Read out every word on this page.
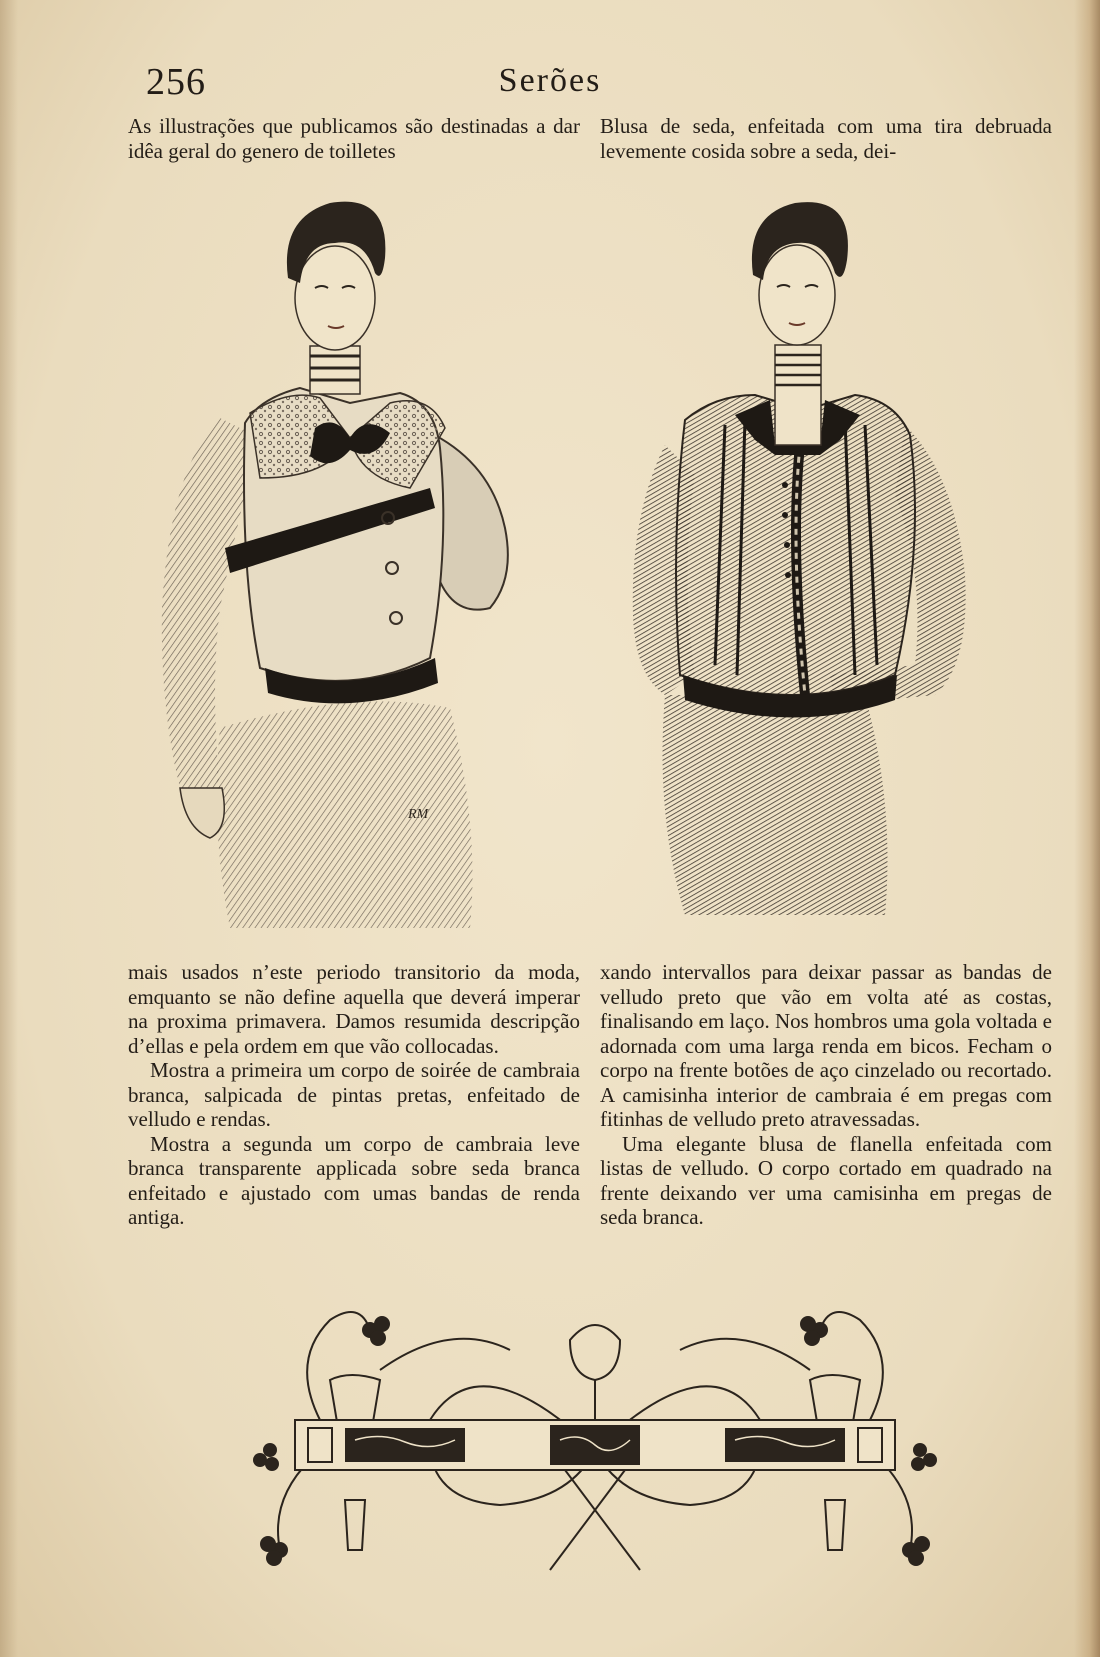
256	Serões

As illustrações que publicamos são destinadas a dar idêa geral do genero de toilletes

Blusa de seda, enfeitada com uma tira debruada levemente cosida sobre a seda, dei-

RM

mais usados n’este periodo transitorio da moda, emquanto se não define aquella que deverá imperar na proxima primavera. Damos resumida descripção d’ellas e pela ordem em que vão collocadas.

Mostra a primeira um corpo de soirée de cambraia branca, salpicada de pintas pretas, enfeitado de velludo e rendas.

Mostra a segunda um corpo de cambraia leve branca transparente applicada sobre seda branca enfeitado e ajustado com umas bandas de renda antiga.

xando intervallos para deixar passar as bandas de velludo preto que vão em volta até as costas, finalisando em laço. Nos hombros uma gola voltada e adornada com uma larga renda em bicos. Fecham o corpo na frente botões de aço cinzelado ou recortado. A camisinha interior de cambraia é em pregas com fitinhas de velludo preto atravessadas.

Uma elegante blusa de flanella enfeitada com listas de velludo. O corpo cortado em quadrado na frente deixando ver uma camisinha em pregas de seda branca.
